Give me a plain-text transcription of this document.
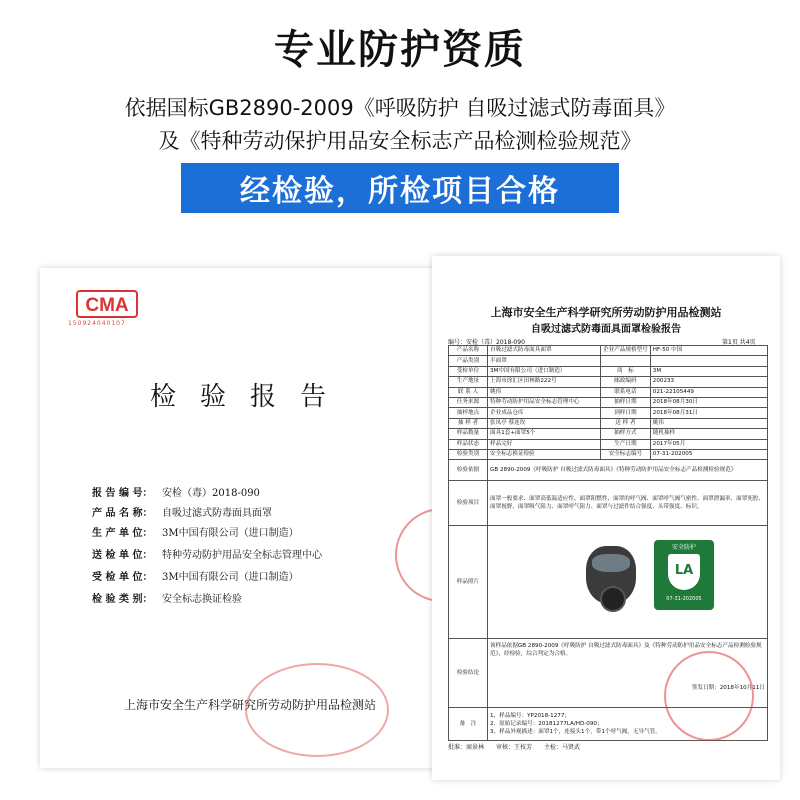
专业防护资质
依据国标GB2890-2009《呼吸防护 自吸过滤式防毒面具》
及《特种劳动保护用品安全标志产品检测检验规范》
经检验，所检项目合格
CMA
150924040107
检验报告
报 告 编 号： 安检（毒）2018-090
产 品 名 称： 自吸过滤式防毒面具面罩
生 产 单 位： 3M中国有限公司（进口制造）
送 检 单 位： 特种劳动防护用品安全标志管理中心
受 检 单 位： 3M中国有限公司（进口制造）
检 验 类 别： 安全标志换证检验
上海市安全生产科学研究所劳动防护用品检测站
上海市安全生产科学研究所劳动防护用品检测站
自吸过滤式防毒面具面罩检验报告
编号：安检（毒）2018-090	第1页 共4页
产品名称	自吸过滤式防毒面具面罩	企业产品规格型号	HF-50 中国
产品类别	半面罩		
受检单位	3M中国有限公司（进口制造）	商　标	3M
生产地址	上海市徐汇区田林路222号	邮政编码	200233
联 系 人	姚伟	联系电话	021-22105449
任务来源	特种劳动防护用品安全标志管理中心	抽样日期	2018年08月30日
抽样地点	企业成品仓库	到样日期	2018年08月31日
抽 样 者	张凤亭 蔡连玫	送 样 者	姚伟
样品数量	面具1套+面罩5个	抽样方式	随机抽样
样品状态	样品完好	生产日期	2017年05月
检验类别	安全标志换证检验	安全标志编号	07-31-202005
检验依据	GB 2890-2009《呼吸防护 自吸过滤式防毒面具》《特种劳动防护用品安全标志产品检测检验规范》		
检验项目	面罩一般要求、面罩高低温适应性、面罩阻燃性、面罩的呼气阀、面罩呼气阀气密性、面罩泄漏率、面罩死腔、面罩视野、面罩吸气阻力、面罩呼气阻力、面罩与过滤件结合强度、头带强度、标识。		
样品照片	安全防护
LA
07-31-202005		

检验结论	该样品依据GB 2890-2009《呼吸防护 自吸过滤式防毒面具》及《特种劳动防护用品安全标志产品检测检验规范》，经检验，综合判定为合格。
签发日期：2018年10月11日		

备　注	1、样品编号：YP2018-1277；
2、原始记录编号：20181277LA/HD-090；
3、样品外观描述：面罩1个，连接头1个，带1个呼气阀，无导气管。		
批准：商景林　　审核：王枝芳　　主检：马贤武
